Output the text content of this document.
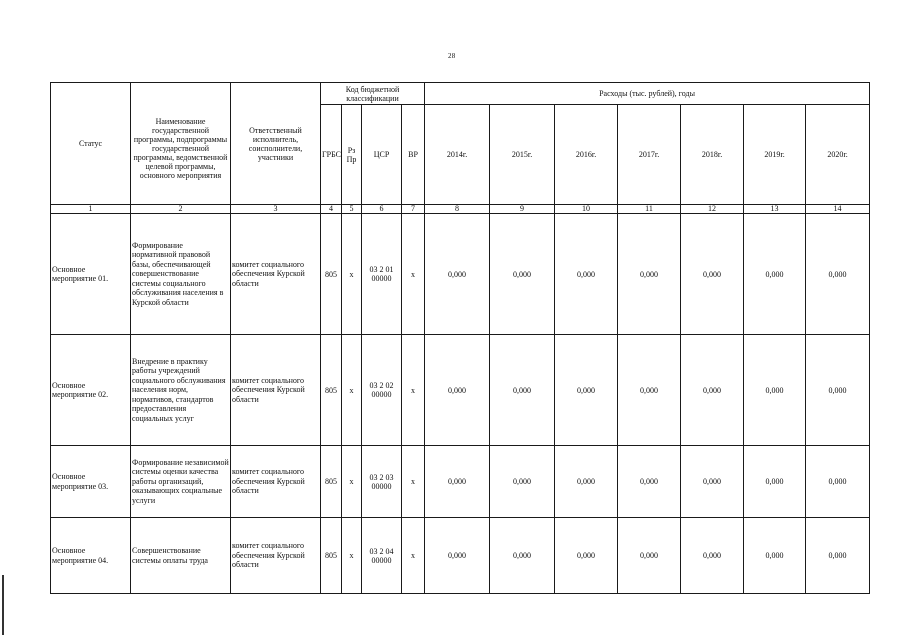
28
Статус	Наименование государственной программы, подпрограммы государственной программы, ведомственной целевой программы, основного мероприятия	Ответственный исполнитель, соисполнители, участники	Код бюджетной классификации				Расходы (тыс. рублей), годы						
			ГРБС	Рз Пр	ЦСР	ВР	2014г.	2015г.	2016г.	2017г.	2018г.	2019г.	2020г.
1	2	3	4	5	6	7	8	9	10	11	12	13	14
Основное мероприятие 01.	Формирование нормативной правовой базы, обеспечивающей совершенствование системы социального обслуживания населения в Курской области	комитет социального обеспечения Курской области	805	х	03 2 01 00000	х	0,000	0,000	0,000	0,000	0,000	0,000	0,000
Основное мероприятие 02.	Внедрение в практику работы учреждений социального обслуживания населения норм, нормативов, стандартов предоставления социальных услуг	комитет социального обеспечения Курской области	805	х	03 2 02 00000	х	0,000	0,000	0,000	0,000	0,000	0,000	0,000
Основное мероприятие 03.	Формирование независимой системы оценки качества работы организаций, оказывающих социальные услуги	комитет социального обеспечения Курской области	805	х	03 2 03 00000	х	0,000	0,000	0,000	0,000	0,000	0,000	0,000
Основное мероприятие 04.	Совершенствование системы оплаты труда	комитет социального обеспечения Курской области	805	х	03 2 04 00000	х	0,000	0,000	0,000	0,000	0,000	0,000	0,000
